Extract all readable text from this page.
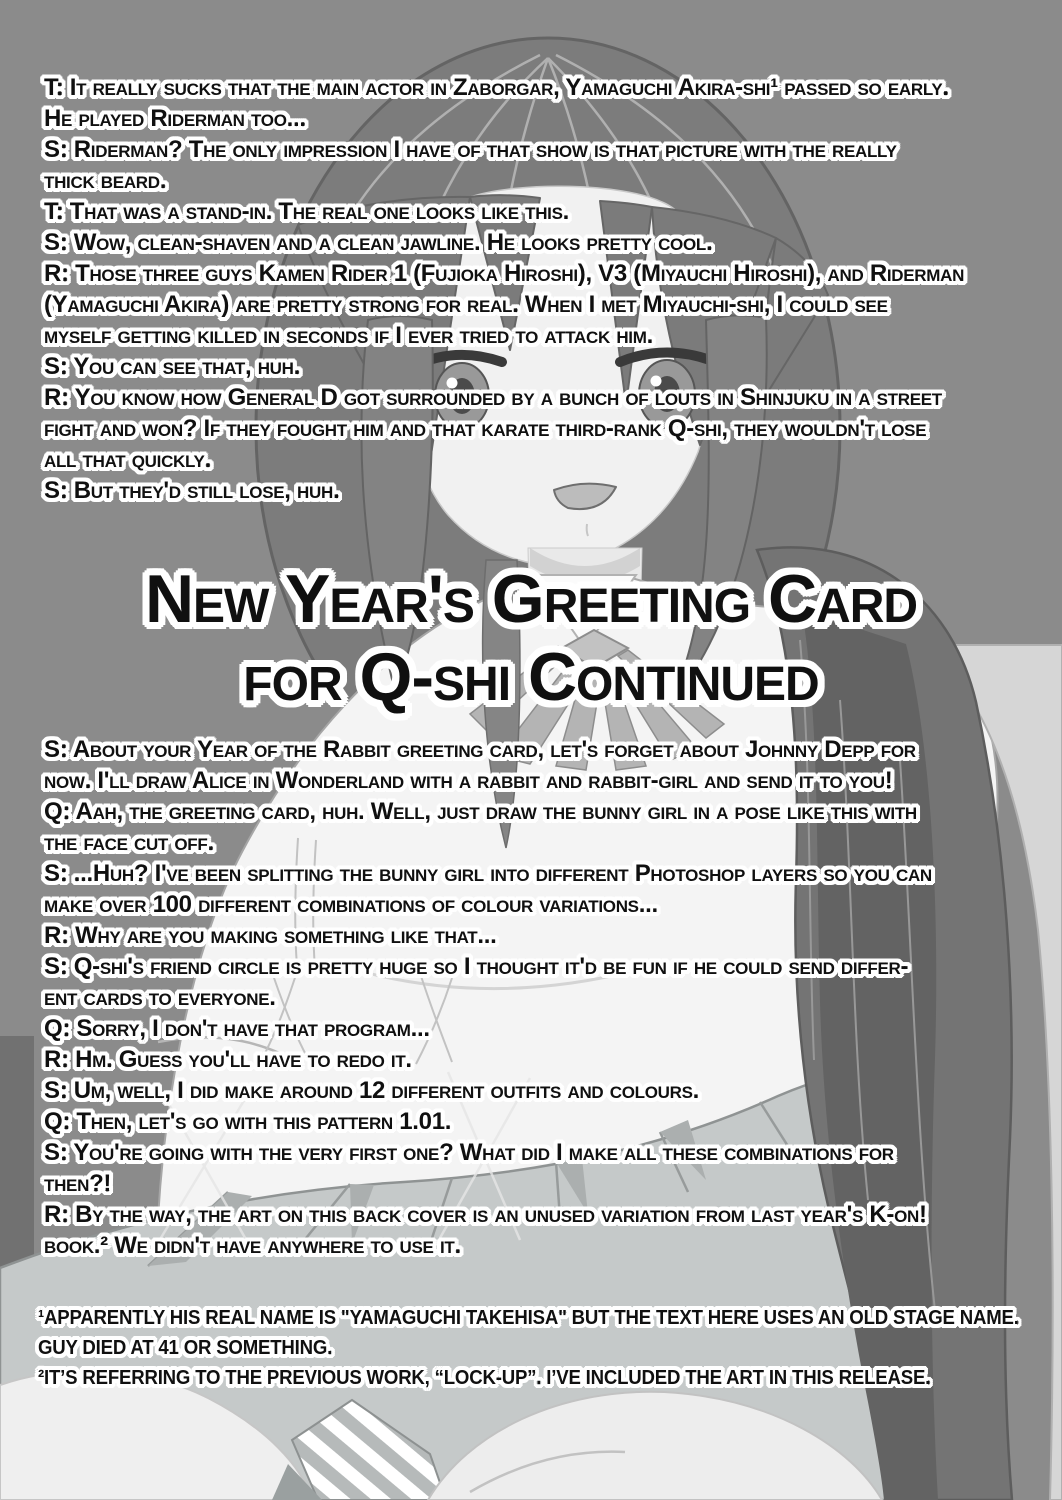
T: It really sucks that the main actor in Zaborgar, Yamaguchi Akira-shi¹ passed so early.
He played Riderman too...
S: Riderman? The only impression I have of that show is that picture with the really
thick beard.
T: That was a stand-in. The real one looks like this.
S: Wow, clean-shaven and a clean jawline. He looks pretty cool.
R: Those three guys Kamen Rider 1 (Fujioka Hiroshi), V3 (Miyauchi Hiroshi), and Riderman
(Yamaguchi Akira) are pretty strong for real. When I met Miyauchi-shi, I could see
myself getting killed in seconds if I ever tried to attack him.
S: You can see that, huh.
R: You know how General D got surrounded by a bunch of louts in Shinjuku in a street
fight and won? If they fought him and that karate third-rank Q-shi, they wouldn't lose
all that quickly.
S: But they'd still lose, huh.
New Year's Greeting Card
for Q-shi Continued
S: About your Year of the Rabbit greeting card, let's forget about Johnny Depp for
now. I'll draw Alice in Wonderland with a rabbit and rabbit-girl and send it to you!
Q: Aah, the greeting card, huh. Well, just draw the bunny girl in a pose like this with
the face cut off.
S: ...Huh? I've been splitting the bunny girl into different Photoshop layers so you can
make over 100 different combinations of colour variations...
R: Why are you making something like that...
S: Q-shi's friend circle is pretty huge so I thought it'd be fun if he could send differ-
ent cards to everyone.
Q: Sorry, I don't have that program...
R: Hm. Guess you'll have to redo it.
S: Um, well, I did make around 12 different outfits and colours.
Q: Then, let's go with this pattern 1.01.
S: You're going with the very first one? What did I make all these combinations for
then?!
R: By the way, the art on this back cover is an unused variation from last year's K-on!
book.² We didn't have anywhere to use it.
¹APPARENTLY HIS REAL NAME IS "YAMAGUCHI TAKEHISA" BUT THE TEXT HERE USES AN OLD STAGE NAME.
GUY DIED AT 41 OR SOMETHING.
²IT’S REFERRING TO THE PREVIOUS WORK, “LOCK-UP”. I’VE INCLUDED THE ART IN THIS RELEASE.
